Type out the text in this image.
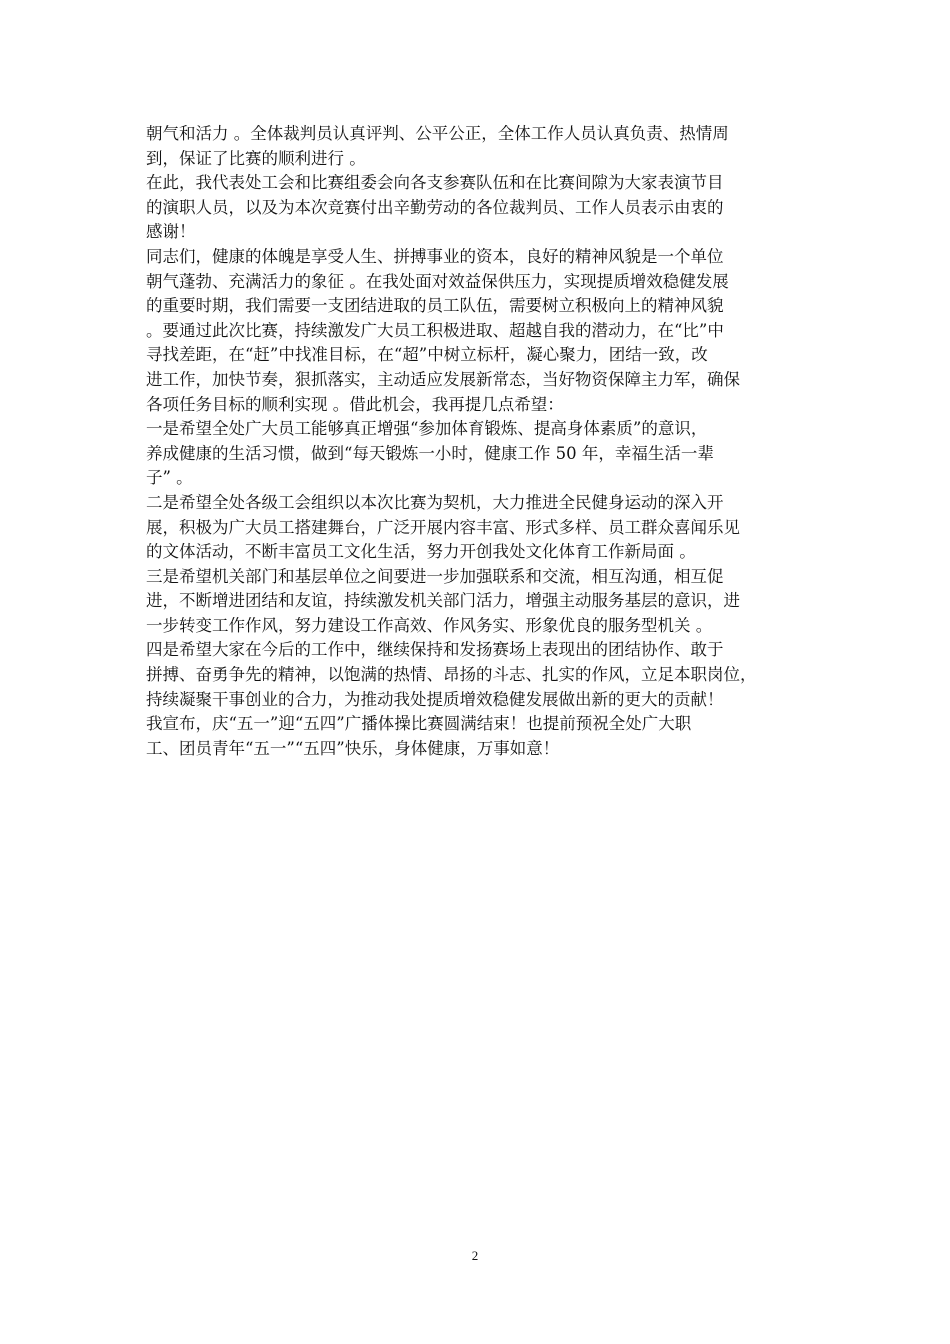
朝气和活力 。全体裁判员认真评判、公平公正，全体工作人员认真负责、热情周
到，保证了比赛的顺利进行 。

在此，我代表处工会和比赛组委会向各支参赛队伍和在比赛间隙为大家表演节目
的演职人员，以及为本次竞赛付出辛勤劳动的各位裁判员、工作人员表示由衷的
感谢！

同志们，健康的体魄是享受人生、拼搏事业的资本，良好的精神风貌是一个单位
朝气蓬勃、充满活力的象征 。在我处面对效益保供压力，实现提质增效稳健发展
的重要时期，我们需要一支团结进取的员工队伍，需要树立积极向上的精神风貌
。要通过此次比赛，持续激发广大员工积极进取、超越自我的潜动力，在“比”中
寻找差距，在“赶”中找准目标，在“超”中树立标杆，凝心聚力，团结一致，改
进工作，加快节奏，狠抓落实，主动适应发展新常态，当好物资保障主力军，确保
各项任务目标的顺利实现 。借此机会，我再提几点希望：

一是希望全处广大员工能够真正增强“参加体育锻炼、提高身体素质”的意识，
养成健康的生活习惯，做到“每天锻炼一小时，健康工作 50 年，幸福生活一辈
子” 。

二是希望全处各级工会组织以本次比赛为契机，大力推进全民健身运动的深入开
展，积极为广大员工搭建舞台，广泛开展内容丰富、形式多样、员工群众喜闻乐见
的文体活动，不断丰富员工文化生活，努力开创我处文化体育工作新局面 。

三是希望机关部门和基层单位之间要进一步加强联系和交流，相互沟通，相互促
进，不断增进团结和友谊，持续激发机关部门活力，增强主动服务基层的意识，进
一步转变工作作风，努力建设工作高效、作风务实、形象优良的服务型机关 。

四是希望大家在今后的工作中，继续保持和发扬赛场上表现出的团结协作、敢于
拼搏、奋勇争先的精神，以饱满的热情、昂扬的斗志、扎实的作风，立足本职岗位，
持续凝聚干事创业的合力，为推动我处提质增效稳健发展做出新的更大的贡献！

我宣布，庆“五一”迎“五四”广播体操比赛圆满结束！也提前预祝全处广大职
工、团员青年“五一”“五四”快乐，身体健康，万事如意！

2
